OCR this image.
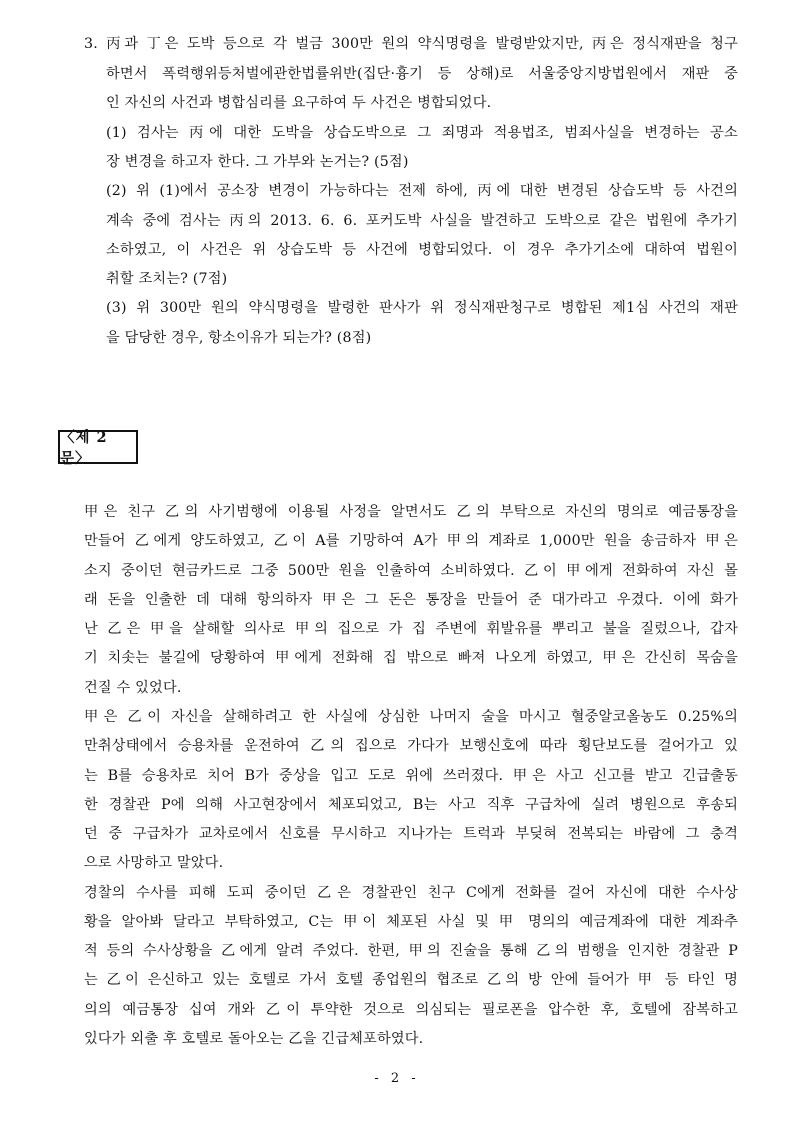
3. 丙과 丁은 도박 등으로 각 벌금 300만 원의 약식명령을 발령받았지만, 丙은 정식재판을 청구
하면서 폭력행위등처벌에관한법률위반(집단·흉기 등 상해)로 서울중앙지방법원에서 재판 중
인 자신의 사건과 병합심리를 요구하여 두 사건은 병합되었다.
(1) 검사는 丙에 대한 도박을 상습도박으로 그 죄명과 적용법조, 범죄사실을 변경하는 공소
장 변경을 하고자 한다. 그 가부와 논거는? (5점)
(2) 위 (1)에서 공소장 변경이 가능하다는 전제 하에, 丙에 대한 변경된 상습도박 등 사건의
계속 중에 검사는 丙의 2013. 6. 6. 포커도박 사실을 발견하고 도박으로 같은 법원에 추가기
소하였고, 이 사건은 위 상습도박 등 사건에 병합되었다. 이 경우 추가기소에 대하여 법원이
취할 조치는? (7점)
(3) 위 300만 원의 약식명령을 발령한 판사가 위 정식재판청구로 병합된 제1심 사건의 재판
을 담당한 경우, 항소이유가 되는가? (8점)
〈제 2 문〉
甲은 친구 乙의 사기범행에 이용될 사정을 알면서도 乙의 부탁으로 자신의 명의로 예금통장을
만들어 乙에게 양도하였고, 乙이 A를 기망하여 A가 甲의 계좌로 1,000만 원을 송금하자 甲은
소지 중이던 현금카드로 그중 500만 원을 인출하여 소비하였다. 乙이 甲에게 전화하여 자신 몰
래 돈을 인출한 데 대해 항의하자 甲은 그 돈은 통장을 만들어 준 대가라고 우겼다. 이에 화가
난 乙은 甲을 살해할 의사로 甲의 집으로 가 집 주변에 휘발유를 뿌리고 불을 질렀으나, 갑자
기 치솟는 불길에 당황하여 甲에게 전화해 집 밖으로 빠져 나오게 하였고, 甲은 간신히 목숨을
건질 수 있었다.
甲은 乙이 자신을 살해하려고 한 사실에 상심한 나머지 술을 마시고 혈중알코올농도 0.25%의
만취상태에서 승용차를 운전하여 乙의 집으로 가다가 보행신호에 따라 횡단보도를 걸어가고 있
는 B를 승용차로 치어 B가 중상을 입고 도로 위에 쓰러졌다. 甲은 사고 신고를 받고 긴급출동
한 경찰관 P에 의해 사고현장에서 체포되었고, B는 사고 직후 구급차에 실려 병원으로 후송되
던 중 구급차가 교차로에서 신호를 무시하고 지나가는 트럭과 부딪혀 전복되는 바람에 그 충격
으로 사망하고 말았다.
경찰의 수사를 피해 도피 중이던 乙은 경찰관인 친구 C에게 전화를 걸어 자신에 대한 수사상
황을 알아봐 달라고 부탁하였고, C는 甲이 체포된 사실 및 甲 명의의 예금계좌에 대한 계좌추
적 등의 수사상황을 乙에게 알려 주었다. 한편, 甲의 진술을 통해 乙의 범행을 인지한 경찰관 P
는 乙이 은신하고 있는 호텔로 가서 호텔 종업원의 협조로 乙의 방 안에 들어가 甲 등 타인 명
의의 예금통장 십여 개와 乙이 투약한 것으로 의심되는 필로폰을 압수한 후, 호텔에 잠복하고
있다가 외출 후 호텔로 돌아오는 乙을 긴급체포하였다.
- 2 -
